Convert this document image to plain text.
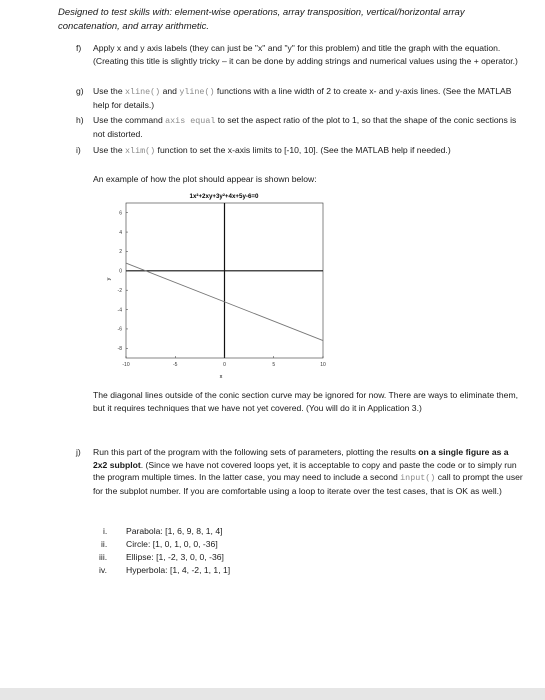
Designed to test skills with: element-wise operations, array transposition, vertical/horizontal array concatenation, and array arithmetic.
f) Apply x and y axis labels (they can just be "x" and "y" for this problem) and title the graph with the equation. (Creating this title is slightly tricky – it can be done by adding strings and numerical values using the + operator.)
g) Use the xline() and yline() functions with a line width of 2 to create x- and y-axis lines. (See the MATLAB help for details.)
h) Use the command axis equal to set the aspect ratio of the plot to 1, so that the shape of the conic sections is not distorted.
i) Use the xlim() function to set the x-axis limits to [-10, 10]. (See the MATLAB help if needed.)
An example of how the plot should appear is shown below:
1x²+2xy+3y²+4x+5y-6=0
-10	-5	0	5	10
6
4
2
0
-2
-4
-6
-8
x
y
The diagonal lines outside of the conic section curve may be ignored for now. There are ways to eliminate them, but it requires techniques that we have not yet covered. (You will do it in Application 3.)
j) Run this part of the program with the following sets of parameters, plotting the results on a single figure as a 2x2 subplot. (Since we have not covered loops yet, it is acceptable to copy and paste the code or to simply run the program multiple times. In the latter case, you may need to include a second input() call to prompt the user for the subplot number. If you are comfortable using a loop to iterate over the test cases, that is OK as well.)
i. Parabola: [1, 6, 9, 8, 1, 4]
ii. Circle: [1, 0, 1, 0, 0, -36]
iii. Ellipse: [1, -2, 3, 0, 0, -36]
iv. Hyperbola: [1, 4, -2, 1, 1, 1]
